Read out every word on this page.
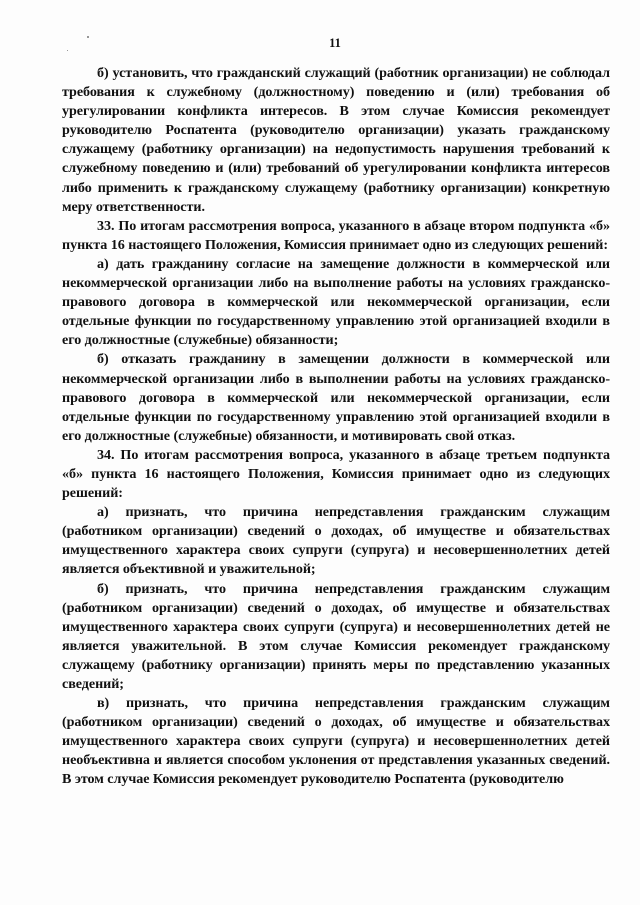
11

б) установить, что гражданский служащий (работник организации) не соблюдал требования к служебному (должностному) поведению и (или) требования об урегулировании конфликта интересов. В этом случае Комиссия рекомендует руководителю Роспатента (руководителю организации) указать гражданскому служащему (работнику организации) на недопустимость нарушения требований к служебному поведению и (или) требований об урегулировании конфликта интересов либо применить к гражданскому служащему (работнику организации) конкретную меру ответственности.

33. По итогам рассмотрения вопроса, указанного в абзаце втором подпункта «б» пункта 16 настоящего Положения, Комиссия принимает одно из следующих решений:

а) дать гражданину согласие на замещение должности в коммерческой или некоммерческой организации либо на выполнение работы на условиях гражданско-правового договора в коммерческой или некоммерческой организации, если отдельные функции по государственному управлению этой организацией входили в его должностные (служебные) обязанности;

б) отказать гражданину в замещении должности в коммерческой или некоммерческой организации либо в выполнении работы на условиях гражданско-правового договора в коммерческой или некоммерческой организации, если отдельные функции по государственному управлению этой организацией входили в его должностные (служебные) обязанности, и мотивировать свой отказ.

34. По итогам рассмотрения вопроса, указанного в абзаце третьем подпункта «б» пункта 16 настоящего Положения, Комиссия принимает одно из следующих решений:

а) признать, что причина непредставления гражданским служащим (работником организации) сведений о доходах, об имуществе и обязательствах имущественного характера своих супруги (супруга) и несовершеннолетних детей является объективной и уважительной;

б) признать, что причина непредставления гражданским служащим (работником организации) сведений о доходах, об имуществе и обязательствах имущественного характера своих супруги (супруга) и несовершеннолетних детей не является уважительной. В этом случае Комиссия рекомендует гражданскому служащему (работнику организации) принять меры по представлению указанных сведений;

в) признать, что причина непредставления гражданским служащим (работником организации) сведений о доходах, об имуществе и обязательствах имущественного характера своих супруги (супруга) и несовершеннолетних детей необъективна и является способом уклонения от представления указанных сведений. В этом случае Комиссия рекомендует руководителю Роспатента (руководителю
